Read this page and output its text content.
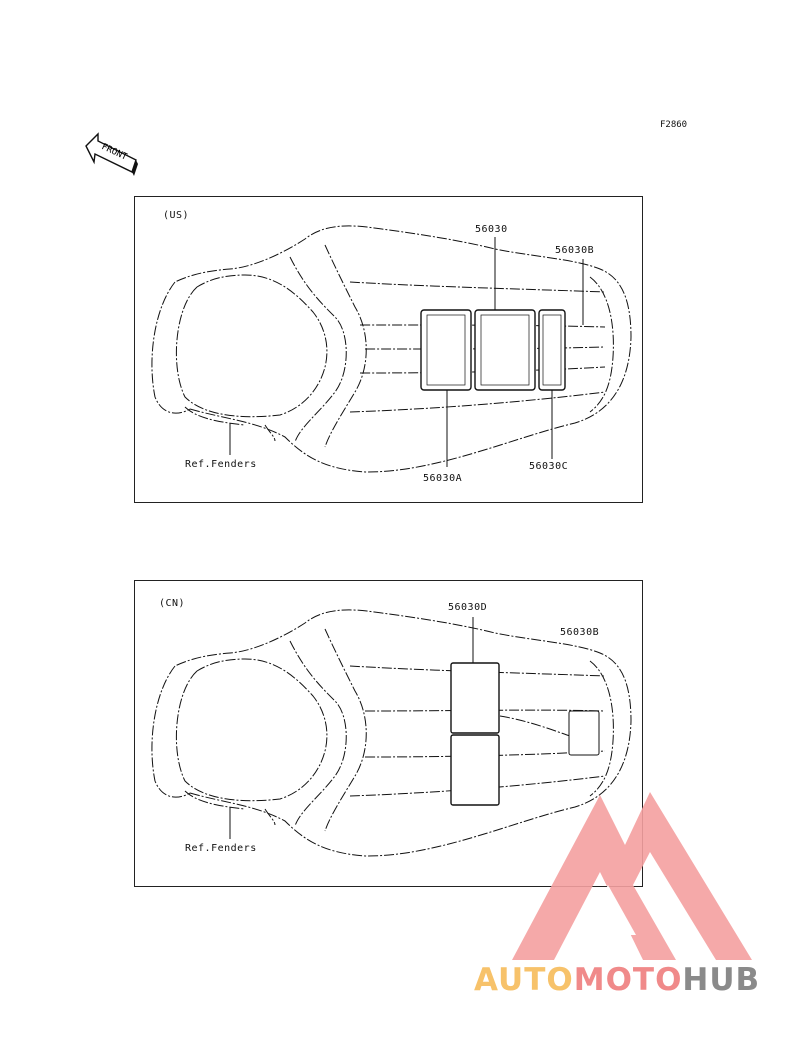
F2860
FRONT
(US)
56030
56030B
56030A
56030C
Ref.Fenders
(CN)	56030D
56030B
Ref.Fenders
AUTOMOTOHUB
